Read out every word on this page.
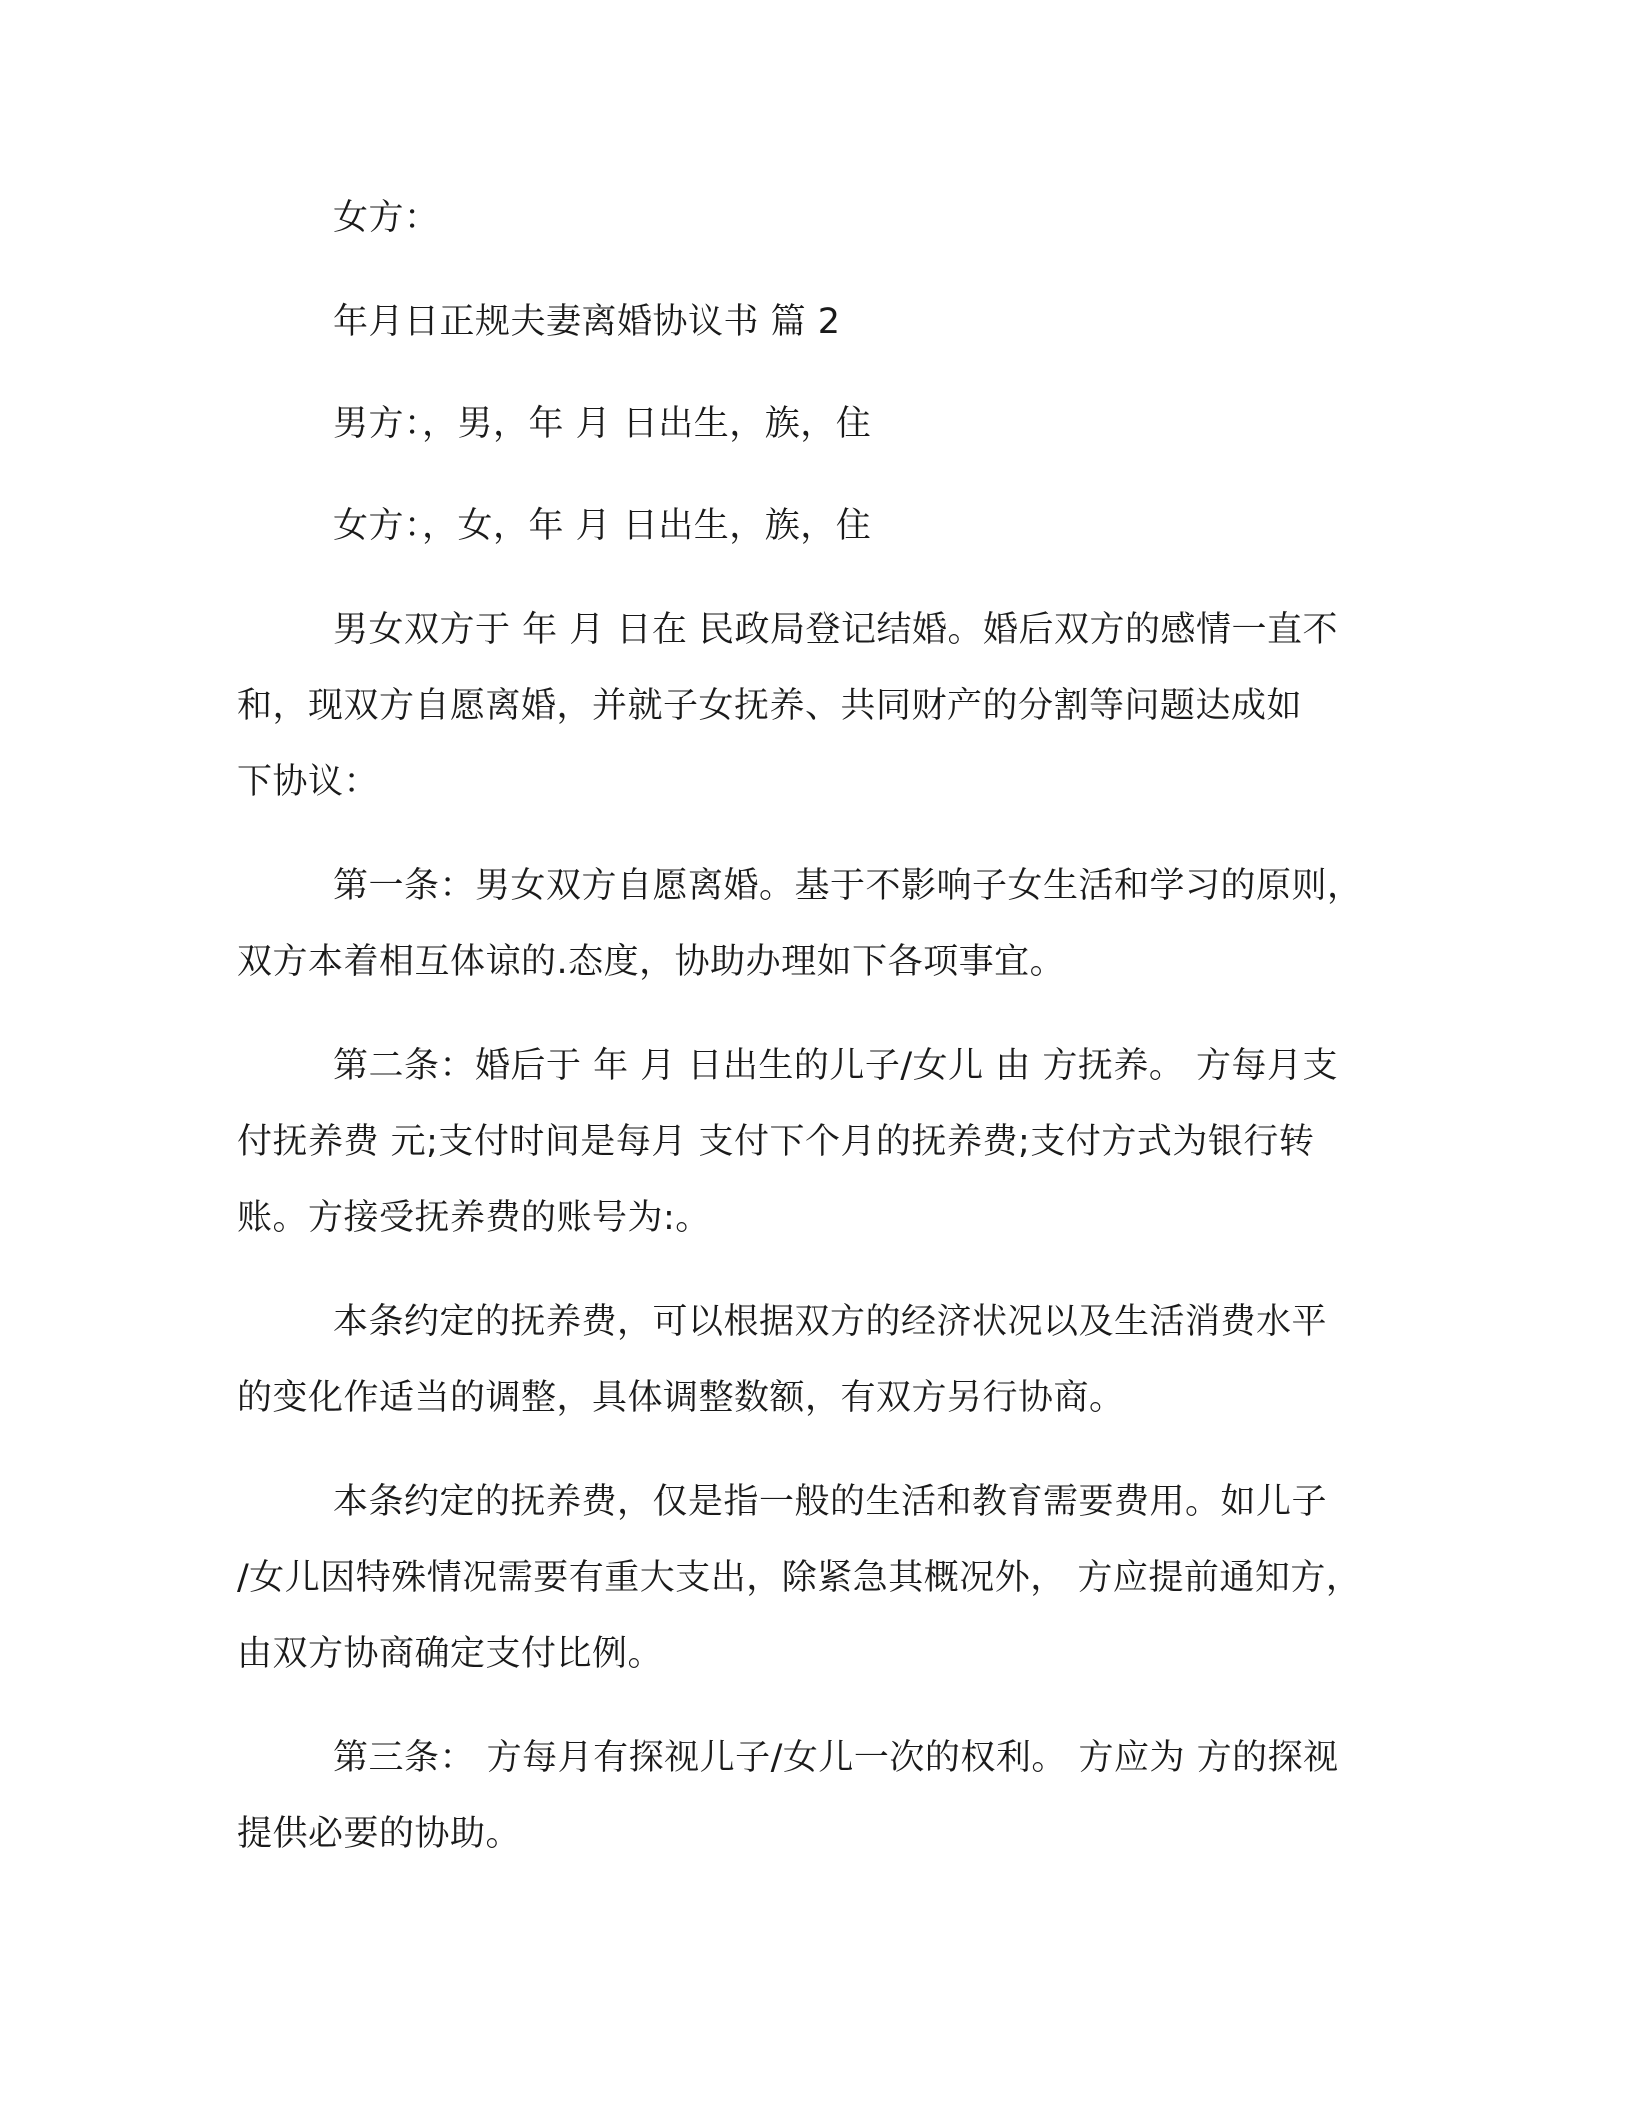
女方：

年月日正规夫妻离婚协议书 篇 2

男方：，男，年 月 日出生，族，住

女方：，女，年 月 日出生，族，住

男女双方于 年 月 日在 民政局登记结婚。婚后双方的感情一直不

和，现双方自愿离婚，并就子女抚养、共同财产的分割等问题达成如

下协议：

第一条：男女双方自愿离婚。基于不影响子女生活和学习的原则，

双方本着相互体谅的.态度，协助办理如下各项事宜。

第二条：婚后于 年 月 日出生的儿子/女儿 由 方抚养。 方每月支

付抚养费 元;支付时间是每月 支付下个月的抚养费;支付方式为银行转

账。方接受抚养费的账号为:。

本条约定的抚养费，可以根据双方的经济状况以及生活消费水平

的变化作适当的调整，具体调整数额，有双方另行协商。

本条约定的抚养费，仅是指一般的生活和教育需要费用。如儿子

/女儿因特殊情况需要有重大支出，除紧急其概况外， 方应提前通知方，

由双方协商确定支付比例。

第三条： 方每月有探视儿子/女儿一次的权利。 方应为 方的探视

提供必要的协助。
